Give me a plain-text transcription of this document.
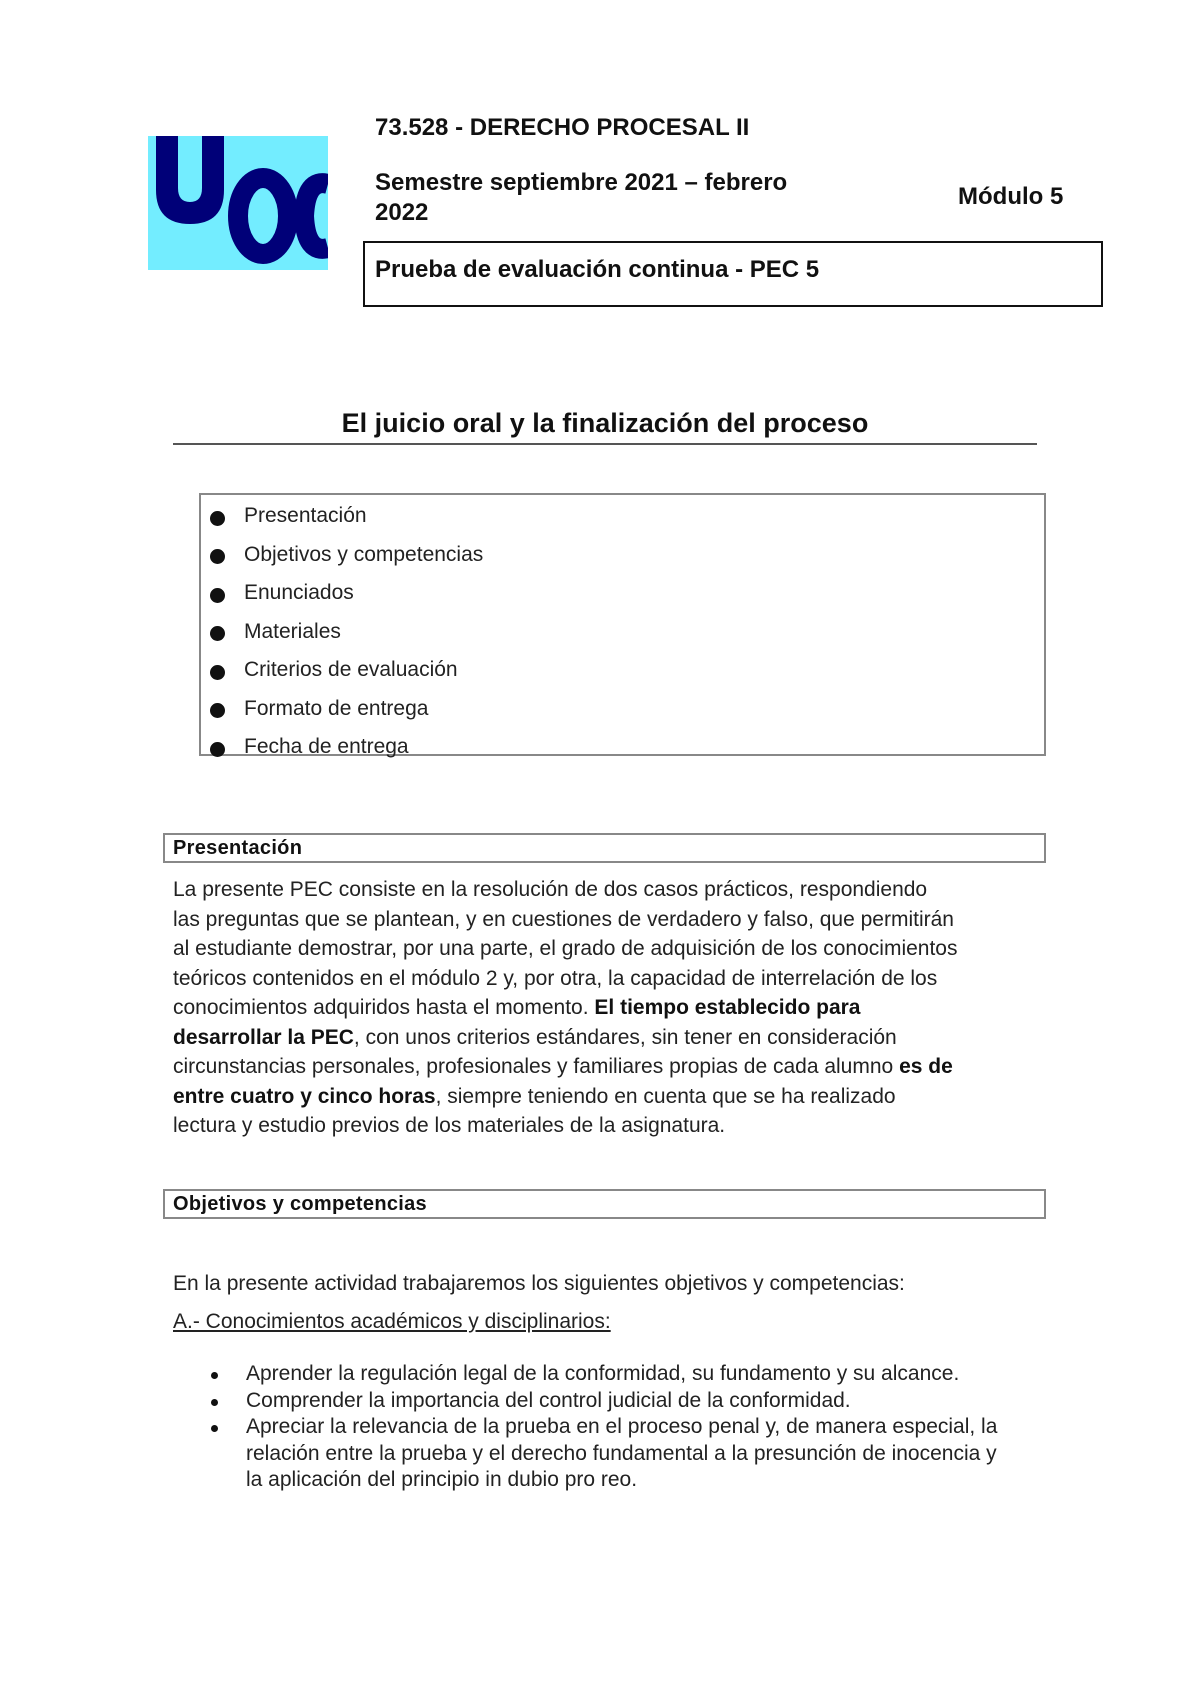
73.528 - DERECHO PROCESAL II
Semestre septiembre 2021 – febrero
2022
Módulo 5
Prueba de evaluación continua - PEC 5
El juicio oral y la finalización del proceso
Presentación
Objetivos y competencias
Enunciados
Materiales
Criterios de evaluación
Formato de entrega
Fecha de entrega
Presentación

La presente PEC consiste en la resolución de dos casos prácticos, respondiendo
las preguntas que se plantean, y en cuestiones de verdadero y falso, que permitirán
al estudiante demostrar, por una parte, el grado de adquisición de los conocimientos
teóricos contenidos en el módulo 2 y, por otra, la capacidad de interrelación de los
conocimientos adquiridos hasta el momento. El tiempo establecido para
desarrollar la PEC, con unos criterios estándares, sin tener en consideración
circunstancias personales, profesionales y familiares propias de cada alumno es de
entre cuatro y cinco horas, siempre teniendo en cuenta que se ha realizado
lectura y estudio previos de los materiales de la asignatura.

Objetivos y competencias
En la presente actividad trabajaremos los siguientes objetivos y competencias:
A.- Conocimientos académicos y disciplinarios:
Aprender la regulación legal de la conformidad, su fundamento y su alcance.
Comprender la importancia del control judicial de la conformidad.
Apreciar la relevancia de la prueba en el proceso penal y, de manera especial, la
relación entre la prueba y el derecho fundamental a la presunción de inocencia y
la aplicación del principio in dubio pro reo.
